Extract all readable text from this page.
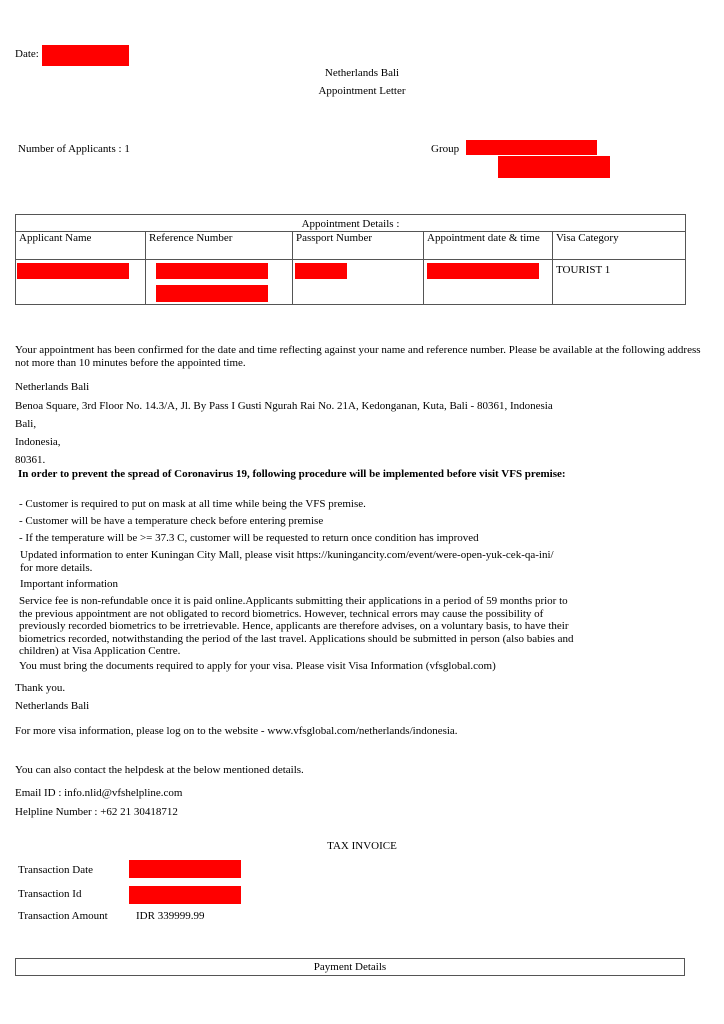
Date:
Netherlands Bali
Appointment Letter
Number of Applicants : 1	Group
Appointment Details :				
Applicant Name	Reference Number	Passport Number	Appointment date & time	Visa Category
				TOURIST 1
Your appointment has been confirmed for the date and time reflecting against your name and reference number. Please be available at the following address not more than 10 minutes before the appointed time.
Netherlands Bali
Benoa Square, 3rd Floor No. 14.3/A, Jl. By Pass I Gusti Ngurah Rai No. 21A, Kedonganan, Kuta, Bali - 80361, Indonesia
Bali,
Indonesia,
80361.
In order to prevent the spread of Coronavirus 19, following procedure will be implemented before visit VFS premise:
- Customer is required to put on mask at all time while being the VFS premise.
- Customer will be have a temperature check before entering premise
- If the temperature will be >= 37.3 C, customer will be requested to return once condition has improved
Updated information to enter Kuningan City Mall, please visit https://kuningancity.com/event/were-open-yuk-cek-qa-ini/ for more details.
Important information
Service fee is non-refundable once it is paid online.Applicants submitting their applications in a period of 59 months prior to the previous appointment are not obligated to record biometrics. However, technical errors may cause the possibility of previously recorded biometrics to be irretrievable. Hence, applicants are therefore advises, on a voluntary basis, to have their biometrics recorded, notwithstanding the period of the last travel. Applications should be submitted in person (also babies and children) at Visa Application Centre.
You must bring the documents required to apply for your visa. Please visit Visa Information (vfsglobal.com)
Thank you.
Netherlands Bali
For more visa information, please log on to the website - www.vfsglobal.com/netherlands/indonesia.
You can also contact the helpdesk at the below mentioned details.
Email ID : info.nlid@vfshelpline.com
Helpline Number : +62 21 30418712
TAX INVOICE
Transaction Date
Transaction Id
Transaction Amount	IDR 339999.99
Payment Details
